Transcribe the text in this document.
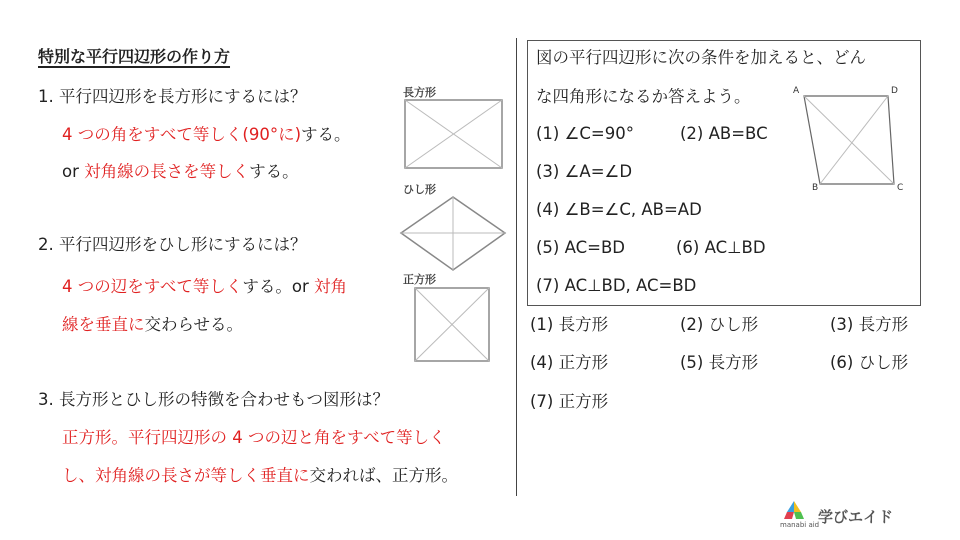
特別な平行四辺形の作り方
1. 平行四辺形を長方形にするには？
4 つの角をすべて等しく(90°に)する。
or 対角線の長さを等しくする。
2. 平行四辺形をひし形にするには？
4 つの辺をすべて等しくする。or 対角
線を垂直に交わらせる。
3. 長方形とひし形の特徴を合わせもつ図形は？
正方形。平行四辺形の 4 つの辺と角をすべて等しく
し、対角線の長さが等しく垂直に交われば、正方形。
長方形
ひし形
正方形
図の平行四辺形に次の条件を加えると、どん
な四角形になるか答えよう。
(1) ∠C=90°	(2) AB=BC
(3) ∠A=∠D
(4) ∠B=∠C, AB=AD
(5) AC=BD	(6) AC⊥BD
(7) AC⊥BD, AC=BD
A	D
B	C
(1) 長方形	(2) ひし形	(3) 長方形
(4) 正方形	(5) 長方形	(6) ひし形
(7) 正方形
manabi aid
学びエイド
